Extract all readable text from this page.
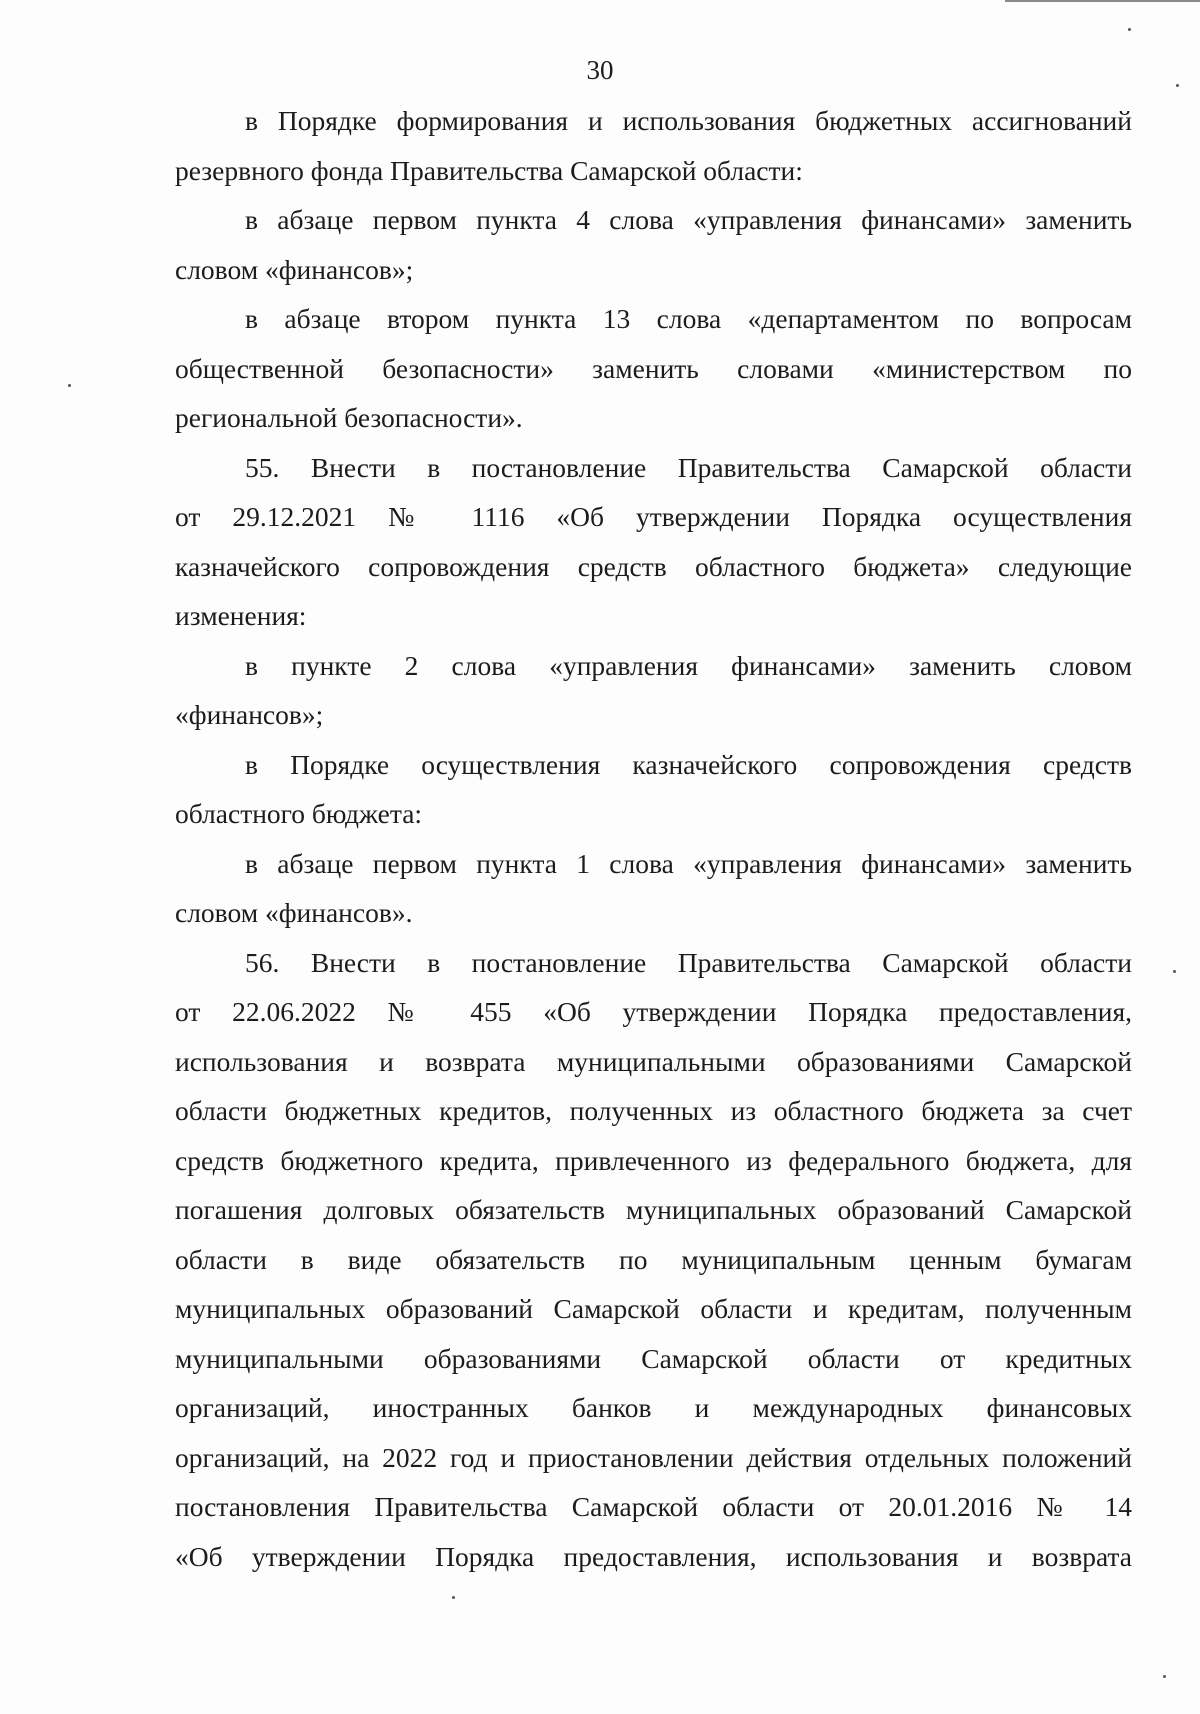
30
в Порядке формирования и использования бюджетных ассигнований
резервного фонда Правительства Самарской области:
в абзаце первом пункта 4 слова «управления финансами» заменить
словом «финансов»;
в абзаце втором пункта 13 слова «департаментом по вопросам
общественной безопасности» заменить словами «министерством по
региональной безопасности».
55. Внести в постановление Правительства Самарской области
от 29.12.2021 № 1116 «Об утверждении Порядка осуществления
казначейского сопровождения средств областного бюджета» следующие
изменения:
в пункте 2 слова «управления финансами» заменить словом
«финансов»;
в Порядке осуществления казначейского сопровождения средств
областного бюджета:
в абзаце первом пункта 1 слова «управления финансами» заменить
словом «финансов».
56. Внести в постановление Правительства Самарской области
от 22.06.2022 № 455 «Об утверждении Порядка предоставления,
использования и возврата муниципальными образованиями Самарской
области бюджетных кредитов, полученных из областного бюджета за счет
средств бюджетного кредита, привлеченного из федерального бюджета, для
погашения долговых обязательств муниципальных образований Самарской
области в виде обязательств по муниципальным ценным бумагам
муниципальных образований Самарской области и кредитам, полученным
муниципальными образованиями Самарской области от кредитных
организаций, иностранных банков и международных финансовых
организаций, на 2022 год и приостановлении действия отдельных положений
постановления Правительства Самарской области от 20.01.2016 № 14
«Об утверждении Порядка предоставления, использования и возврата
